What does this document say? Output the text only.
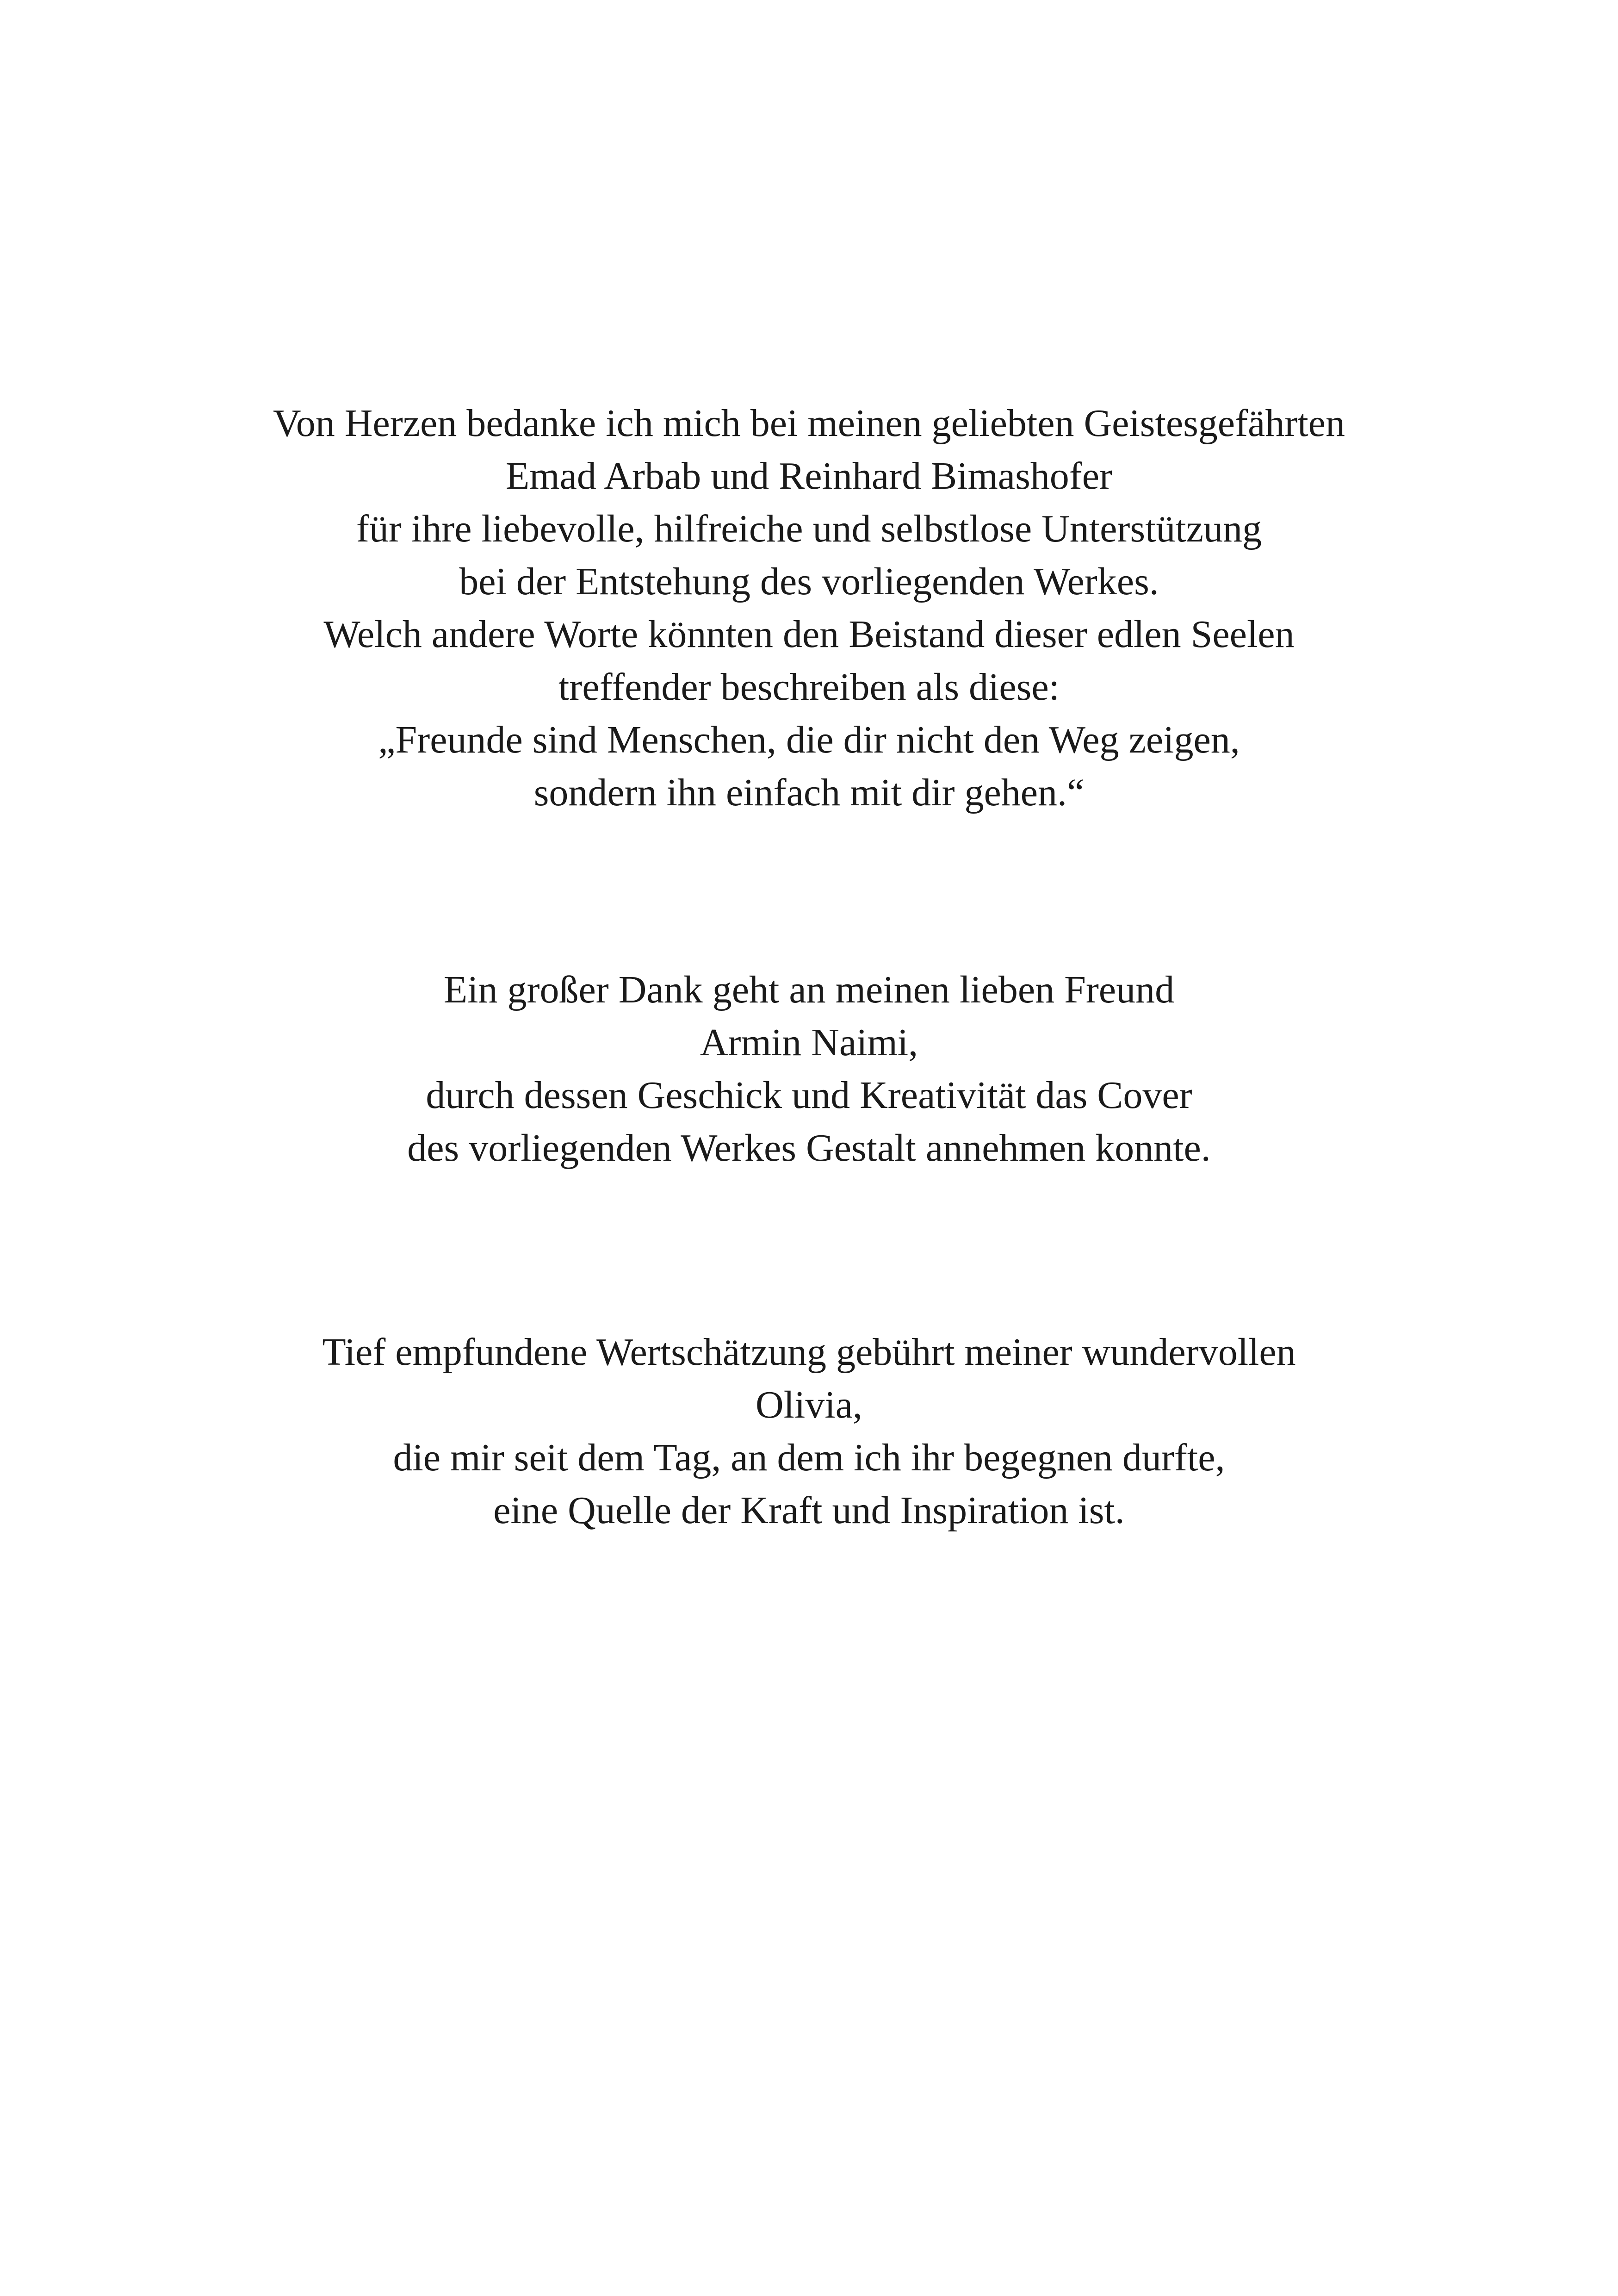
Von Herzen bedanke ich mich bei meinen geliebten Geistesgefährten
Emad Arbab und Reinhard Bimashofer
für ihre liebevolle, hilfreiche und selbstlose Unterstützung
bei der Entstehung des vorliegenden Werkes.
Welch andere Worte könnten den Beistand dieser edlen Seelen
treffender beschreiben als diese:
„Freunde sind Menschen, die dir nicht den Weg zeigen,
sondern ihn einfach mit dir gehen.“
Ein großer Dank geht an meinen lieben Freund
Armin Naimi,
durch dessen Geschick und Kreativität das Cover
des vorliegenden Werkes Gestalt annehmen konnte.
Tief empfundene Wertschätzung gebührt meiner wundervollen
Olivia,
die mir seit dem Tag, an dem ich ihr begegnen durfte,
eine Quelle der Kraft und Inspiration ist.
